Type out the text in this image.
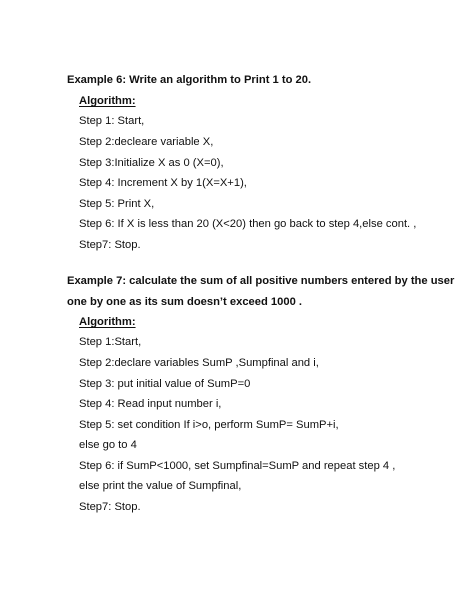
Example 6: Write an algorithm to Print 1 to 20.
Algorithm:
Step 1: Start,
Step 2:decleare variable X,
Step 3:Initialize X as 0 (X=0),
Step 4: Increment X by 1(X=X+1),
Step 5: Print X,
Step 6: If X is less than 20 (X<20) then go back to step 4,else cont. ,
Step7: Stop.
Example 7: calculate the sum of all positive numbers entered by the user
one by one as its sum doesn’t exceed 1000 .
Algorithm:
Step 1:Start,
Step 2:declare variables SumP ,Sumpfinal and i,
Step 3: put initial value of SumP=0
Step 4: Read input number i,
Step 5: set condition If i>o, perform SumP= SumP+i,
else go to 4
Step 6: if SumP<1000, set Sumpfinal=SumP and repeat step 4 ,
else print the value of Sumpfinal,
Step7: Stop.
